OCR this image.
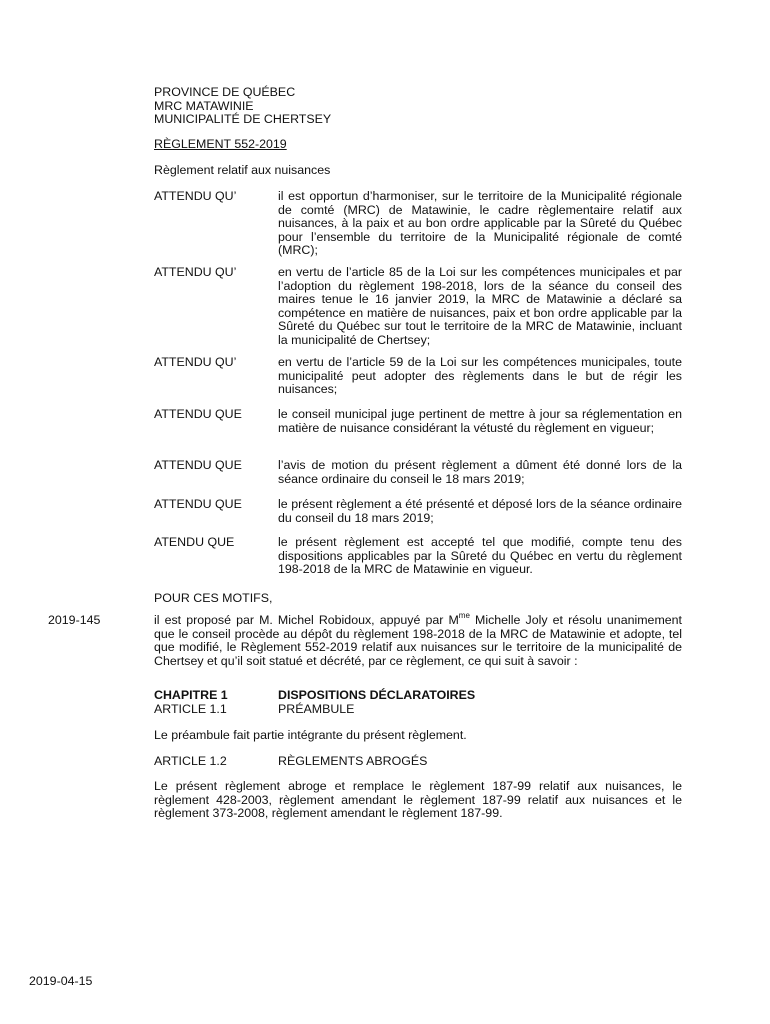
PROVINCE DE QUÉBEC
MRC MATAWINIE
MUNICIPALITÉ DE CHERTSEY
RÈGLEMENT 552-2019
Règlement relatif aux nuisances
ATTENDU QU’	il est opportun d’harmoniser, sur le territoire de la Municipalité régionale de comté (MRC) de Matawinie, le cadre règlementaire relatif aux nuisances, à la paix et au bon ordre applicable par la Sûreté du Québec pour l’ensemble du territoire de la Municipalité régionale de comté (MRC);
ATTENDU QU’	en vertu de l’article 85 de la Loi sur les compétences municipales et par l’adoption du règlement 198-2018, lors de la séance du conseil des maires tenue le 16 janvier 2019, la MRC de Matawinie a déclaré sa compétence en matière de nuisances, paix et bon ordre applicable par la Sûreté du Québec sur tout le territoire de la MRC de Matawinie, incluant la municipalité de Chertsey;
ATTENDU QU’	en vertu de l’article 59 de la Loi sur les compétences municipales, toute municipalité peut adopter des règlements dans le but de régir les nuisances;
ATTENDU QUE	le conseil municipal juge pertinent de mettre à jour sa réglementation en matière de nuisance considérant la vétusté du règlement en vigueur;
ATTENDU QUE	l’avis de motion du présent règlement a dûment été donné lors de la séance ordinaire du conseil le 18 mars 2019;
ATTENDU QUE	le présent règlement a été présenté et déposé lors de la séance ordinaire du conseil du 18 mars 2019;
ATENDU QUE	le présent règlement est accepté tel que modifié, compte tenu des dispositions applicables par la Sûreté du Québec en vertu du règlement 198-2018 de la MRC de Matawinie en vigueur.
POUR CES MOTIFS,
2019-145	il est proposé par M. Michel Robidoux, appuyé par $M^{me}$ Michelle Joly et résolu unanimement que le conseil procède au dépôt du règlement 198-2018 de la MRC de Matawinie et adopte, tel que modifié, le Règlement 552-2019 relatif aux nuisances sur le territoire de la municipalité de Chertsey et qu’il soit statué et décrété, par ce règlement, ce qui suit à savoir :
CHAPITRE 1	DISPOSITIONS DÉCLARATOIRES
ARTICLE 1.1	PRÉAMBULE
Le préambule fait partie intégrante du présent règlement.
ARTICLE 1.2	RÈGLEMENTS ABROGÉS
Le présent règlement abroge et remplace le règlement 187-99 relatif aux nuisances, le règlement 428-2003, règlement amendant le règlement 187-99 relatif aux nuisances et le règlement 373-2008, règlement amendant le règlement 187-99.
2019-04-15
